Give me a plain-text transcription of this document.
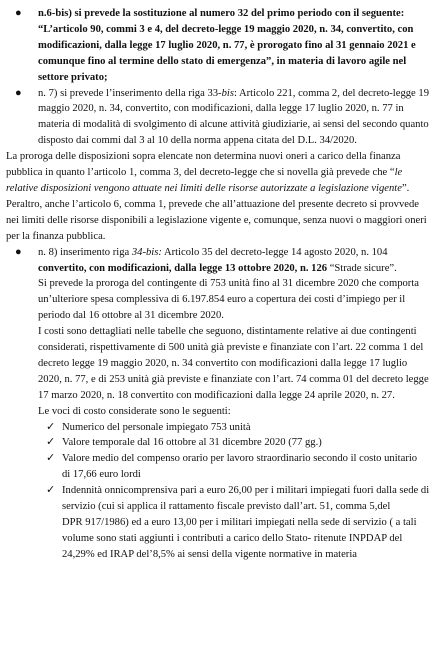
● n.6-bis) si prevede la sostituzione al numero 32 del primo periodo con il seguente:
“L’articolo 90, commi 3 e 4, del decreto-legge 19 maggio 2020, n. 34, convertito, con
modificazioni, dalla legge 17 luglio 2020, n. 77, è prorogato fino al 31 gennaio 2021 e
comunque fino al termine dello stato di emergenza”, in materia di lavoro agile nel
settore privato;
● n. 7) si prevede l’inserimento della riga 33-bis: Articolo 221, comma 2, del decreto-legge 19
maggio 2020, n. 34, convertito, con modificazioni, dalla legge 17 luglio 2020, n. 77 in
materia di modalità di svolgimento di alcune attività giudiziarie, ai sensi del secondo quanto
disposto dai commi dal 3 al 10 della norma appena citata del D.L. 34/2020.
La proroga delle disposizioni sopra elencate non determina nuovi oneri a carico della finanza
pubblica in quanto l’articolo 1, comma 3, del decreto-legge che si novella già prevede che “le
relative disposizioni vengono attuate nei limiti delle risorse autorizzate a legislazione vigente”.
Peraltro, anche l’articolo 6, comma 1, prevede che all’attuazione del presente decreto si provvede
nei limiti delle risorse disponibili a legislazione vigente e, comunque, senza nuovi o maggiori oneri
per la finanza pubblica.
● n. 8) inserimento riga 34-bis: Articolo 35 del decreto-legge 14 agosto 2020, n. 104
convertito, con modificazioni, dalla legge 13 ottobre 2020, n. 126 “Strade sicure”.
Si prevede la proroga del contingente di 753 unità fino al 31 dicembre 2020 che comporta
un’ulteriore spesa complessiva di 6.197.854 euro a copertura dei costi d’impiego per il
periodo dal 16 ottobre al 31 dicembre 2020.
I costi sono dettagliati nelle tabelle che seguono, distintamente relative ai due contingenti
considerati, rispettivamente di 500 unità già previste e finanziate con l’art. 22 comma 1 del
decreto legge 19 maggio 2020, n. 34 convertito con modificazioni dalla legge 17 luglio
2020, n. 77, e di 253 unità già previste e finanziate con l’art. 74 comma 01 del decreto legge
17 marzo 2020, n. 18 convertito con modificazioni dalla legge 24 aprile 2020, n. 27.
Le voci di costo considerate sono le seguenti:
✓ Numerico del personale impiegato 753 unità
✓ Valore temporale dal 16 ottobre al 31 dicembre 2020 (77 gg.)
✓ Valore medio del compenso orario per lavoro straordinario secondo il costo unitario
di 17,66 euro lordi
✓ Indennità onnicomprensiva pari a euro 26,00 per i militari impiegati fuori dalla sede di
servizio (cui si applica il rattamento fiscale previsto dall’art. 51, comma 5,del
DPR 917/1986) ed a euro 13,00 per i militari impiegati nella sede di servizio ( a tali
volume sono stati aggiunti i contributi a carico dello Stato- ritenute INPDAP del
24,29% ed IRAP del’8,5% ai sensi della vigente normative in materia
